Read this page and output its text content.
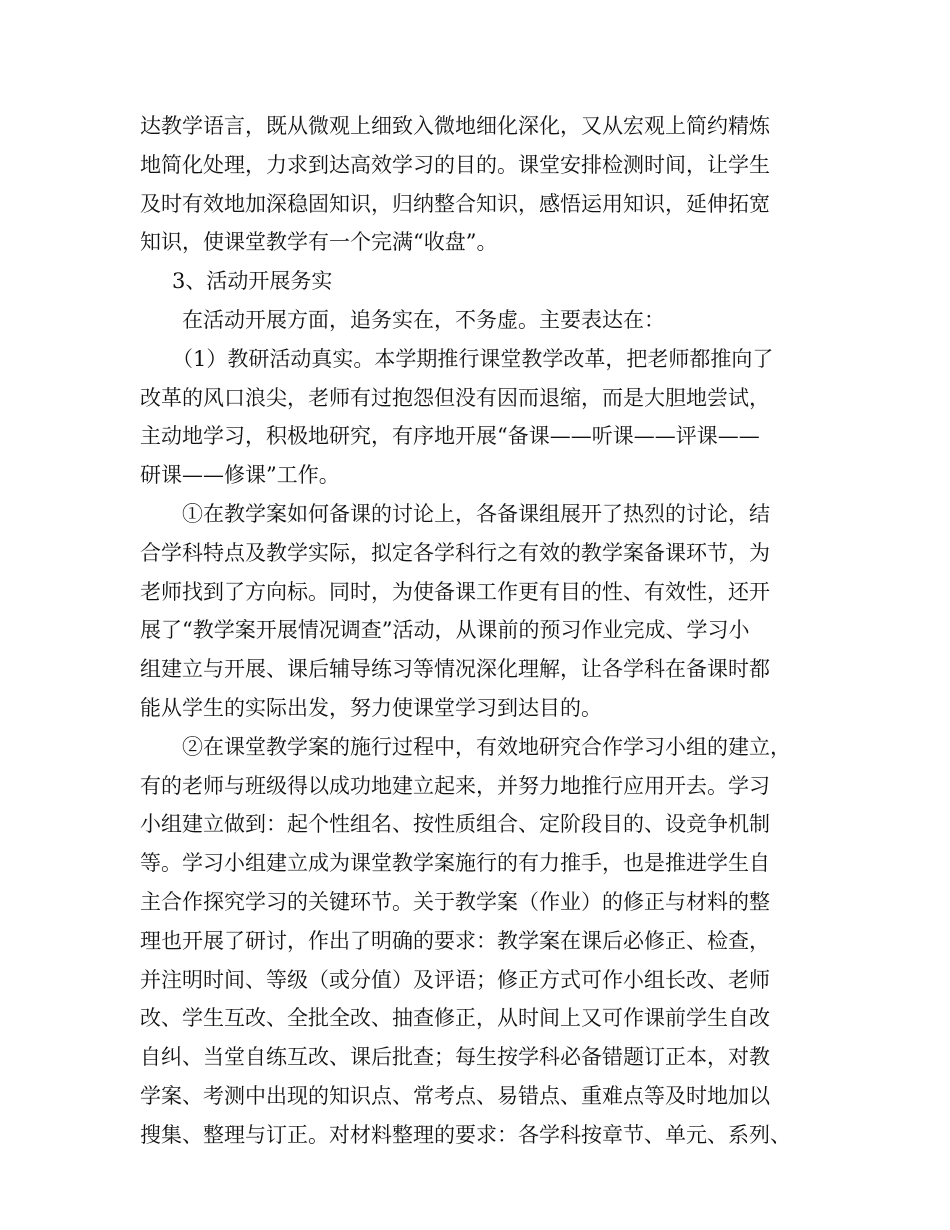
达教学语言，既从微观上细致入微地细化深化，又从宏观上简约精炼
地简化处理，力求到达高效学习的目的。课堂安排检测时间，让学生
及时有效地加深稳固知识，归纳整合知识，感悟运用知识，延伸拓宽
知识，使课堂教学有一个完满“收盘”。
3、活动开展务实
在活动开展方面，追务实在，不务虚。主要表达在：
（1）教研活动真实。本学期推行课堂教学改革，把老师都推向了
改革的风口浪尖，老师有过抱怨但没有因而退缩，而是大胆地尝试，
主动地学习，积极地研究，有序地开展“备课——听课——评课——
研课——修课”工作。
①在教学案如何备课的讨论上，各备课组展开了热烈的讨论，结
合学科特点及教学实际，拟定各学科行之有效的教学案备课环节，为
老师找到了方向标。同时，为使备课工作更有目的性、有效性，还开
展了“教学案开展情况调查”活动，从课前的预习作业完成、学习小
组建立与开展、课后辅导练习等情况深化理解，让各学科在备课时都
能从学生的实际出发，努力使课堂学习到达目的。
②在课堂教学案的施行过程中，有效地研究合作学习小组的建立，
有的老师与班级得以成功地建立起来，并努力地推行应用开去。学习
小组建立做到：起个性组名、按性质组合、定阶段目的、设竞争机制
等。学习小组建立成为课堂教学案施行的有力推手，也是推进学生自
主合作探究学习的关键环节。关于教学案（作业）的修正与材料的整
理也开展了研讨，作出了明确的要求：教学案在课后必修正、检查，
并注明时间、等级（或分值）及评语；修正方式可作小组长改、老师
改、学生互改、全批全改、抽查修正，从时间上又可作课前学生自改
自纠、当堂自练互改、课后批查；每生按学科必备错题订正本，对教
学案、考测中出现的知识点、常考点、易错点、重难点等及时地加以
搜集、整理与订正。对材料整理的要求：各学科按章节、单元、系列、
